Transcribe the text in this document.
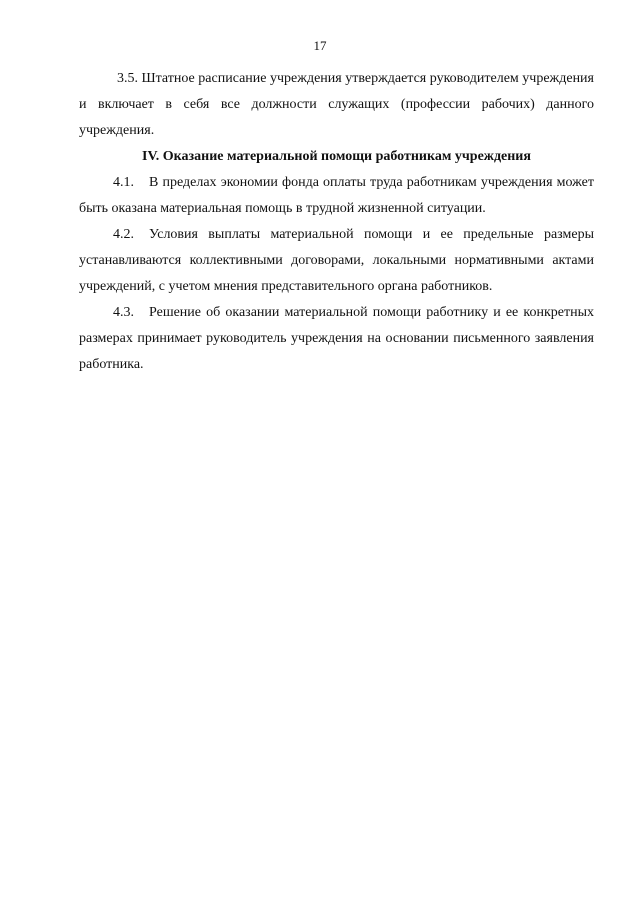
17

3.5. Штатное расписание учреждения утверждается руководителем учреждения и включает в себя все должности служащих (профессии рабочих) данного учреждения.

IV. Оказание материальной помощи работникам учреждения

4.1. В пределах экономии фонда оплаты труда работникам учреждения может быть оказана материальная помощь в трудной жизненной ситуации.

4.2. Условия выплаты материальной помощи и ее предельные размеры устанавливаются коллективными договорами, локальными нормативными актами учреждений, с учетом мнения представительного органа работников.

4.3. Решение об оказании материальной помощи работнику и ее конкретных размерах принимает руководитель учреждения на основании письменного заявления работника.
